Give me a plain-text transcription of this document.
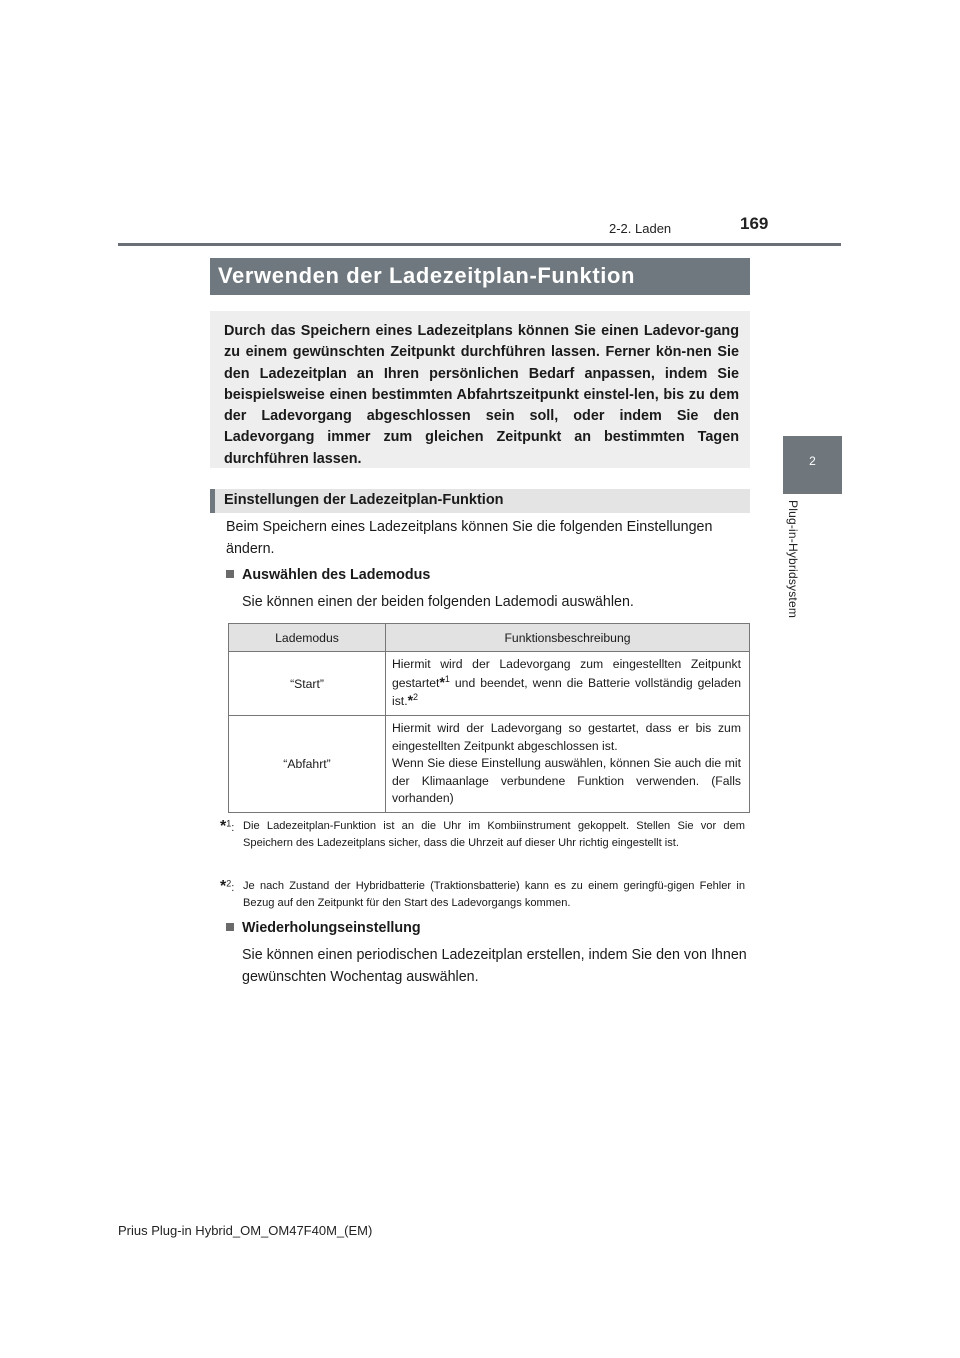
169
2-2. Laden
2
Plug-in-Hybridsystem
Verwenden der Ladezeitplan-Funktion

Durch das Speichern eines Ladezeitplans können Sie einen Ladevor-gang zu einem gewünschten Zeitpunkt durchführen lassen. Ferner kön-nen Sie den Ladezeitplan an Ihren persönlichen Bedarf anpassen, indem Sie beispielsweise einen bestimmten Abfahrtszeitpunkt einstel-len, bis zu dem der Ladevorgang abgeschlossen sein soll, oder indem Sie den Ladevorgang immer zum gleichen Zeitpunkt an bestimmten Tagen durchführen lassen.

Einstellungen der Ladezeitplan-Funktion

Beim Speichern eines Ladezeitplans können Sie die folgenden Einstellungen ändern.

Auswählen des Lademodus

Sie können einen der beiden folgenden Lademodi auswählen.

Lademodus	Funktionsbeschreibung
“Start”	Hiermit wird der Ladevorgang zum eingestellten Zeitpunkt gestartet*$^1$ und beendet, wenn die Batterie vollständig geladen ist.*$^2$
“Abfahrt”	Hiermit wird der Ladevorgang so gestartet, dass er bis zum eingestellten Zeitpunkt abgeschlossen ist.
Wenn Sie diese Einstellung auswählen, können Sie auch die mit der Klimaanlage verbundene Funktion verwenden. (Falls vorhanden)
*$^1$: Die Ladezeitplan-Funktion ist an die Uhr im Kombiinstrument gekoppelt. Stellen Sie vor dem Speichern des Ladezeitplans sicher, dass die Uhrzeit auf dieser Uhr richtig eingestellt ist.
*$^2$: Je nach Zustand der Hybridbatterie (Traktionsbatterie) kann es zu einem geringfü-gigen Fehler in Bezug auf den Zeitpunkt für den Start des Ladevorgangs kommen.
Wiederholungseinstellung

Sie können einen periodischen Ladezeitplan erstellen, indem Sie den von Ihnen gewünschten Wochentag auswählen.

Prius Plug-in Hybrid_OM_OM47F40M_(EM)
